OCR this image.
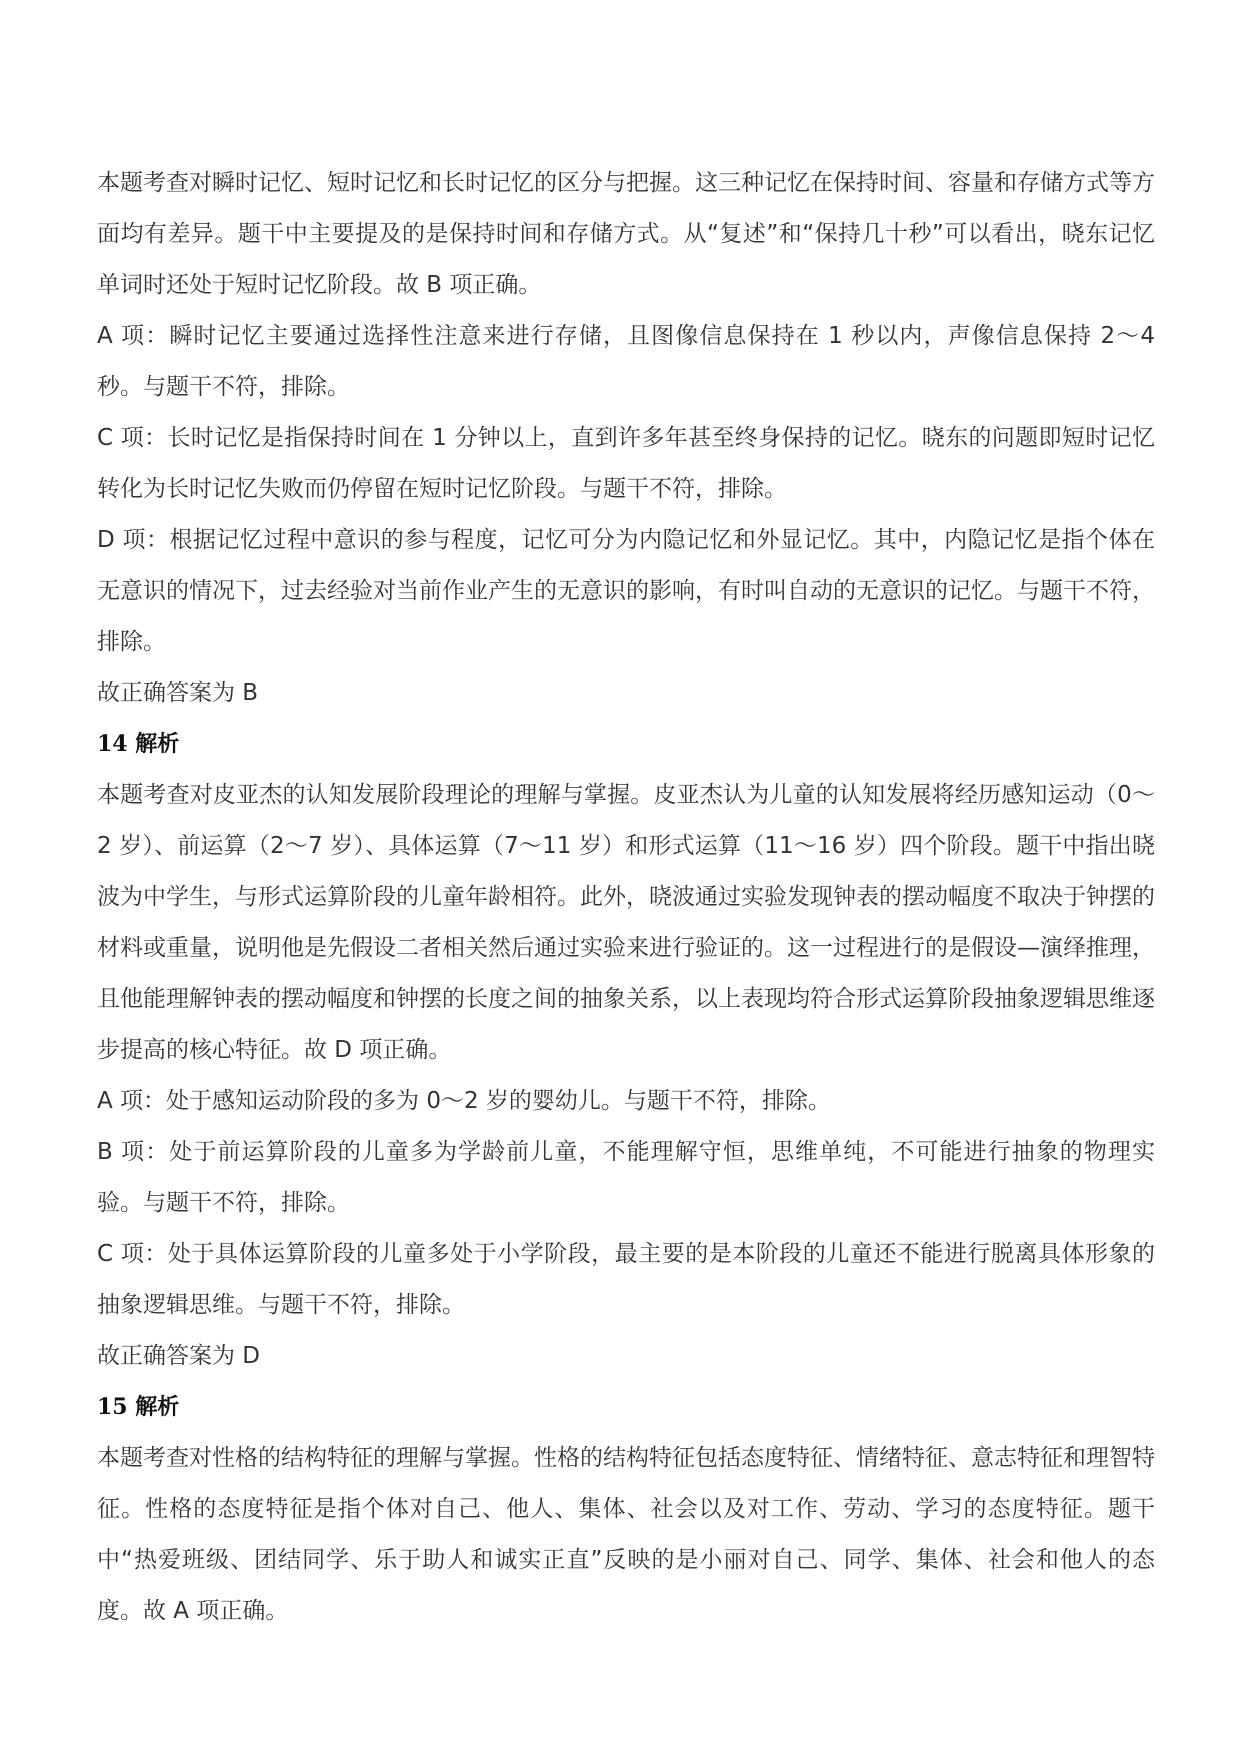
本题考查对瞬时记忆、短时记忆和长时记忆的区分与把握。这三种记忆在保持时间、容量和存储方式等方面均有差异。题干中主要提及的是保持时间和存储方式。从“复述”和“保持几十秒”可以看出，晓东记忆单词时还处于短时记忆阶段。故 B 项正确。

A 项：瞬时记忆主要通过选择性注意来进行存储，且图像信息保持在 1 秒以内，声像信息保持 2～4 秒。与题干不符，排除。

C 项：长时记忆是指保持时间在 1 分钟以上，直到许多年甚至终身保持的记忆。晓东的问题即短时记忆转化为长时记忆失败而仍停留在短时记忆阶段。与题干不符，排除。

D 项：根据记忆过程中意识的参与程度，记忆可分为内隐记忆和外显记忆。其中，内隐记忆是指个体在无意识的情况下，过去经验对当前作业产生的无意识的影响，有时叫自动的无意识的记忆。与题干不符，排除。

故正确答案为 B

14 解析

本题考查对皮亚杰的认知发展阶段理论的理解与掌握。皮亚杰认为儿童的认知发展将经历感知运动（0～2 岁）、前运算（2～7 岁）、具体运算（7～11 岁）和形式运算（11～16 岁）四个阶段。题干中指出晓波为中学生，与形式运算阶段的儿童年龄相符。此外，晓波通过实验发现钟表的摆动幅度不取决于钟摆的材料或重量，说明他是先假设二者相关然后通过实验来进行验证的。这一过程进行的是假设—演绎推理，且他能理解钟表的摆动幅度和钟摆的长度之间的抽象关系，以上表现均符合形式运算阶段抽象逻辑思维逐步提高的核心特征。故 D 项正确。

A 项：处于感知运动阶段的多为 0～2 岁的婴幼儿。与题干不符，排除。

B 项：处于前运算阶段的儿童多为学龄前儿童，不能理解守恒，思维单纯，不可能进行抽象的物理实验。与题干不符，排除。

C 项：处于具体运算阶段的儿童多处于小学阶段，最主要的是本阶段的儿童还不能进行脱离具体形象的抽象逻辑思维。与题干不符，排除。

故正确答案为 D

15 解析

本题考查对性格的结构特征的理解与掌握。性格的结构特征包括态度特征、情绪特征、意志特征和理智特征。性格的态度特征是指个体对自己、他人、集体、社会以及对工作、劳动、学习的态度特征。题干中“热爱班级、团结同学、乐于助人和诚实正直”反映的是小丽对自己、同学、集体、社会和他人的态度。故 A 项正确。
